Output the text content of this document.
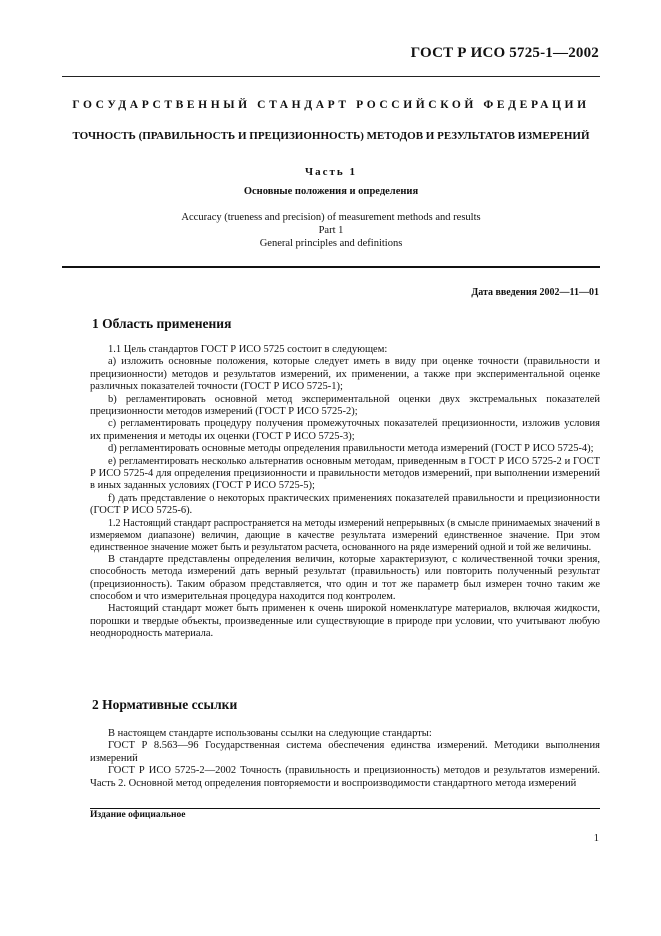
ГОСТ Р ИСО 5725-1—2002
ГОСУДАРСТВЕННЫЙ СТАНДАРТ РОССИЙСКОЙ ФЕДЕРАЦИИ
ТОЧНОСТЬ (ПРАВИЛЬНОСТЬ И ПРЕЦИЗИОННОСТЬ) МЕТОДОВ И РЕЗУЛЬТАТОВ ИЗМЕРЕНИЙ
Часть 1
Основные положения и определения
Accuracy (trueness and precision) of measurement methods and results
Part 1
General principles and definitions
Дата введения 2002—11—01
1 Область применения

1.1 Цель стандартов ГОСТ Р ИСО 5725 состоит в следующем:

а) изложить основные положения, которые следует иметь в виду при оценке точности (правильности и прецизионности) методов и результатов измерений, их применении, а также при экспериментальной оценке различных показателей точности (ГОСТ Р ИСО 5725-1);

b) регламентировать основной метод экспериментальной оценки двух экстремальных показателей прецизионности методов измерений (ГОСТ Р ИСО 5725-2);

c) регламентировать процедуру получения промежуточных показателей прецизионности, изложив условия их применения и методы их оценки (ГОСТ Р ИСО 5725-3);

d) регламентировать основные методы определения правильности метода измерений (ГОСТ Р ИСО 5725-4);

e) регламентировать несколько альтернатив основным методам, приведенным в ГОСТ Р ИСО 5725-2 и ГОСТ Р ИСО 5725-4 для определения прецизионности и правильности методов измерений, при выполнении измерений в иных заданных условиях (ГОСТ Р ИСО 5725-5);

f) дать представление о некоторых практических применениях показателей правильности и прецизионности (ГОСТ Р ИСО 5725-6).

1.2 Настоящий стандарт распространяется на методы измерений непрерывных (в смысле принимаемых значений в измеряемом диапазоне) величин, дающие в качестве результата измерений единственное значение. При этом единственное значение может быть и результатом расчета, основанного на ряде измерений одной и той же величины.

В стандарте представлены определения величин, которые характеризуют, с количественной точки зрения, способность метода измерений дать верный результат (правильность) или повторить полученный результат (прецизионность). Таким образом представляется, что один и тот же параметр был измерен точно таким же способом и что измерительная процедура находится под контролем.

Настоящий стандарт может быть применен к очень широкой номенклатуре материалов, включая жидкости, порошки и твердые объекты, произведенные или существующие в природе при условии, что учитывают любую неоднородность материала.

2 Нормативные ссылки

В настоящем стандарте использованы ссылки на следующие стандарты:

ГОСТ Р 8.563—96 Государственная система обеспечения единства измерений. Методики выполнения измерений

ГОСТ Р ИСО 5725-2—2002 Точность (правильность и прецизионность) методов и результатов измерений. Часть 2. Основной метод определения повторяемости и воспроизводимости стандартного метода измерений

Издание официальное
1
